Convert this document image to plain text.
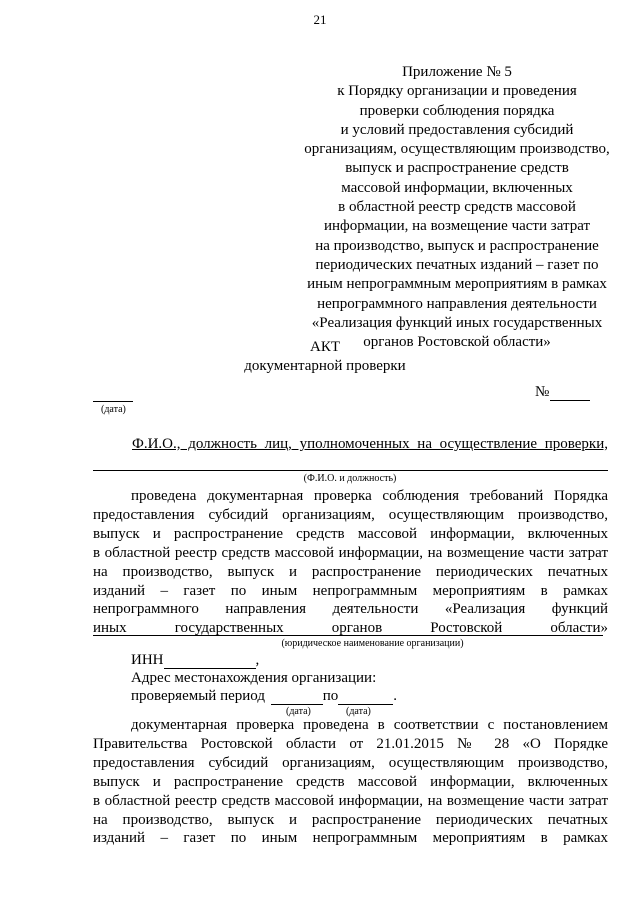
21
Приложение № 5
к Порядку организации и проведения
проверки соблюдения порядка
и условий предоставления субсидий
организациям, осуществляющим производство,
выпуск и распространение средств
массовой информации, включенных
в областной реестр средств массовой
информации, на возмещение части затрат
на производство, выпуск и распространение
периодических печатных изданий – газет по
иным непрограммным мероприятиям в рамках
непрограммного направления деятельности
«Реализация функций иных государственных
органов Ростовской области»
АКТ
документарной проверки
(дата)
№
Ф.И.О., должность лиц, уполномоченных на осуществление проверки,
(Ф.И.О. и должность)
проведена документарная проверка соблюдения требований Порядка
предоставления субсидий организациям, осуществляющим производство,
выпуск и распространение средств массовой информации, включенных
в областной реестр средств массовой информации, на возмещение части затрат
на производство, выпуск и распространение периодических печатных
изданий – газет по иным непрограммным мероприятиям в рамках
непрограммного направления деятельности «Реализация функций
иных государственных органов Ростовской области»
(юридическое наименование организации)
ИНН	,
Адрес местонахождения организации:
проверяемый период	по	.
(дата)	(дата)
документарная проверка проведена в соответствии с постановлением
Правительства Ростовской области от 21.01.2015 № 28 «О Порядке
предоставления субсидий организациям, осуществляющим производство,
выпуск и распространение средств массовой информации, включенных
в областной реестр средств массовой информации, на возмещение части затрат
на производство, выпуск и распространение периодических печатных
изданий – газет по иным непрограммным мероприятиям в рамках
